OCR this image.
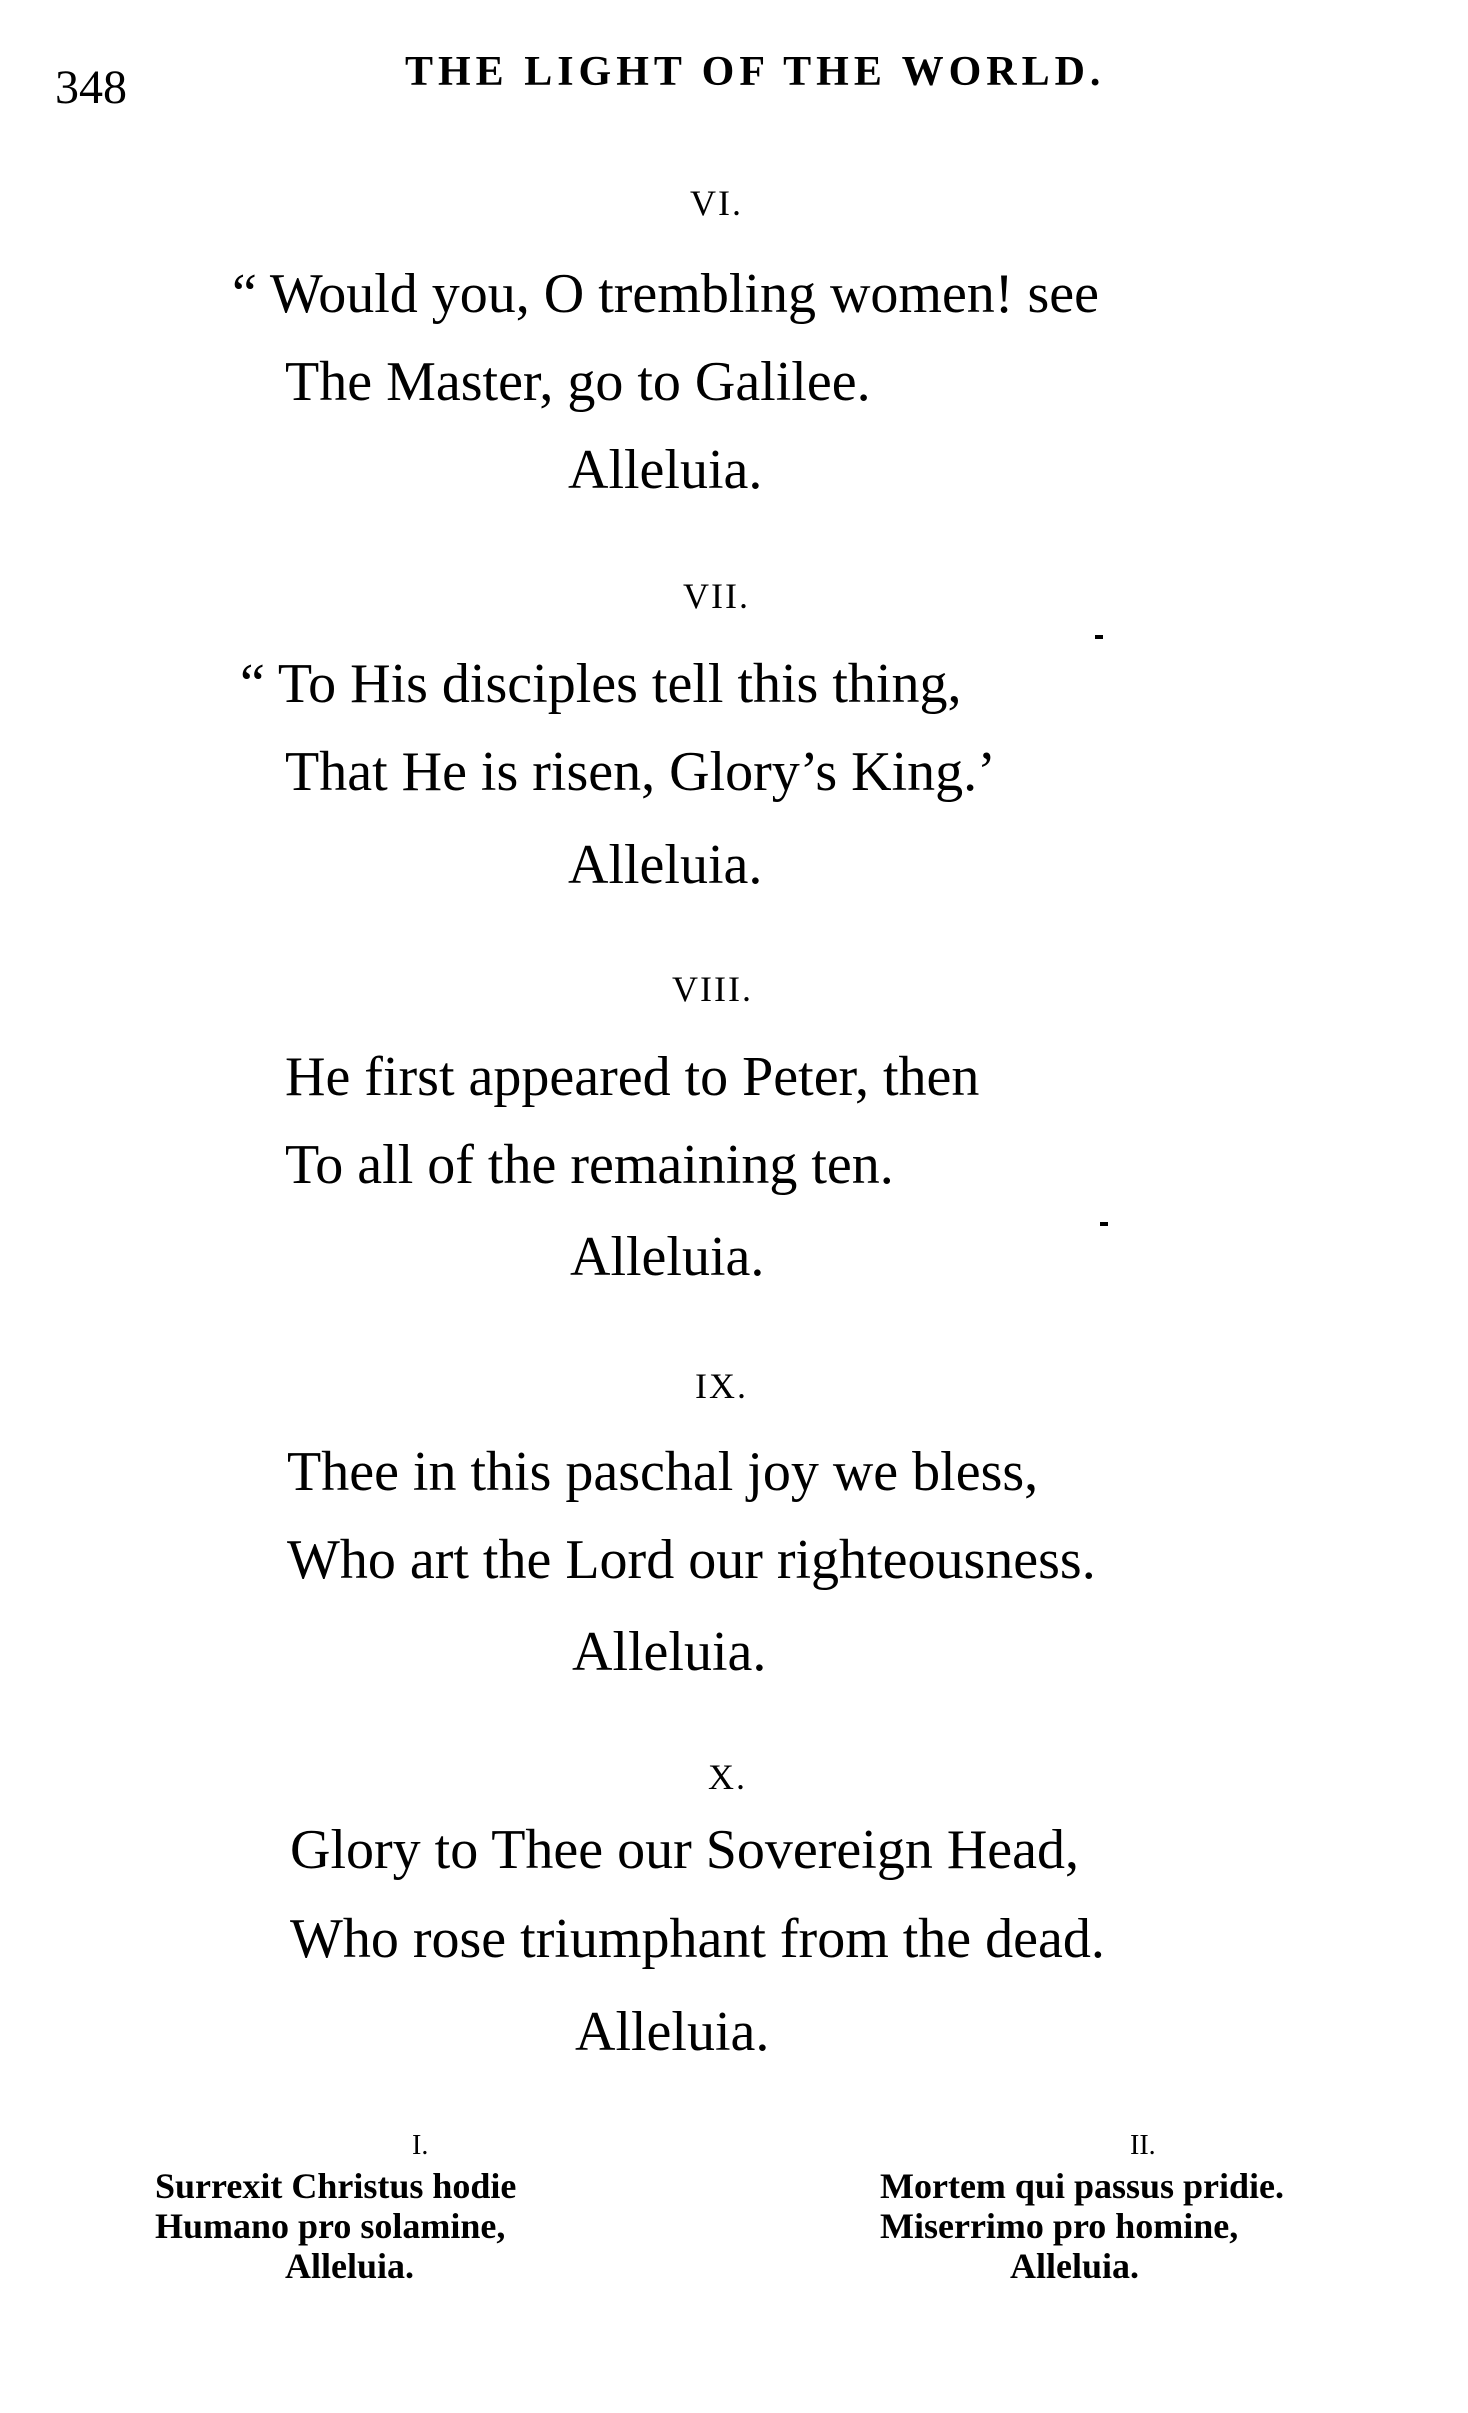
348	THE LIGHT OF THE WORLD.
VI.
“ Would you, O trembling women! see
The Master, go to Galilee.
Alleluia.
VII.
“ To His disciples tell this thing,
That He is risen, Glory’s King.’
Alleluia.
VIII.
He first appeared to Peter, then
To all of the remaining ten.
Alleluia.
IX.
Thee in this paschal joy we bless,
Who art the Lord our righteousness.
Alleluia.
X.
Glory to Thee our Sovereign Head,
Who rose triumphant from the dead.
Alleluia.
I.
Surrexit Christus hodie
Humano pro solamine,
Alleluia.
II.
Mortem qui passus pridie.
Miserrimo pro homine,
Alleluia.
